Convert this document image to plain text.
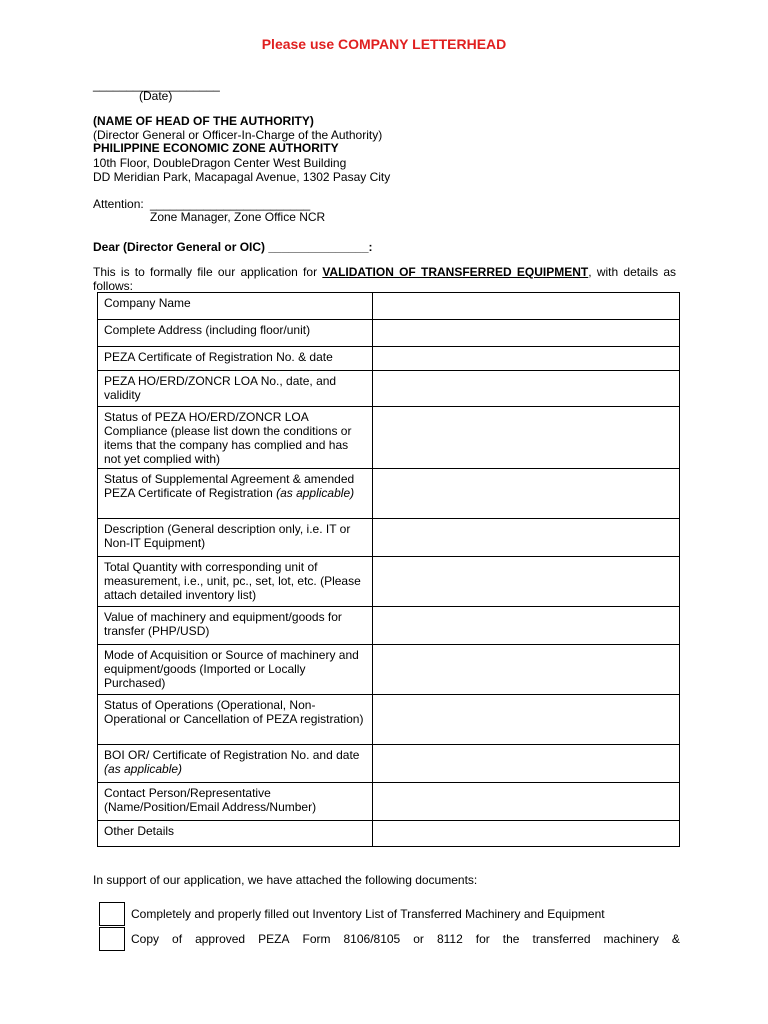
Please use COMPANY LETTERHEAD
___________________
(Date)
(NAME OF HEAD OF THE AUTHORITY)
(Director General or Officer-In-Charge of the Authority)
PHILIPPINE ECONOMIC ZONE AUTHORITY
10th Floor, DoubleDragon Center West Building
DD Meridian Park, Macapagal Avenue, 1302 Pasay City
Attention: ________________________
Zone Manager, Zone Office NCR
Dear (Director General or OIC) _______________:
This is to formally file our application for VALIDATION OF TRANSFERRED EQUIPMENT, with details as follows:
Company Name	
Complete Address (including floor/unit)	
PEZA Certificate of Registration No. & date	
PEZA HO/ERD/ZONCR LOA No., date, and validity	
Status of PEZA HO/ERD/ZONCR LOA Compliance (please list down the conditions or items that the company has complied and has not yet complied with)	
Status of Supplemental Agreement & amended PEZA Certificate of Registration (as applicable)	
Description (General description only, i.e. IT or Non-IT Equipment)	
Total Quantity with corresponding unit of measurement, i.e., unit, pc., set, lot, etc. (Please attach detailed inventory list)	
Value of machinery and equipment/goods for transfer (PHP/USD)	
Mode of Acquisition or Source of machinery and equipment/goods (Imported or Locally Purchased)	
Status of Operations (Operational, Non-Operational or Cancellation of PEZA registration)	
BOI OR/ Certificate of Registration No. and date (as applicable)	
Contact Person/Representative (Name/Position/Email Address/Number)	
Other Details	
In support of our application, we have attached the following documents:
Completely and properly filled out Inventory List of Transferred Machinery and Equipment
Copy of approved PEZA Form 8106/8105 or 8112 for the transferred machinery &
